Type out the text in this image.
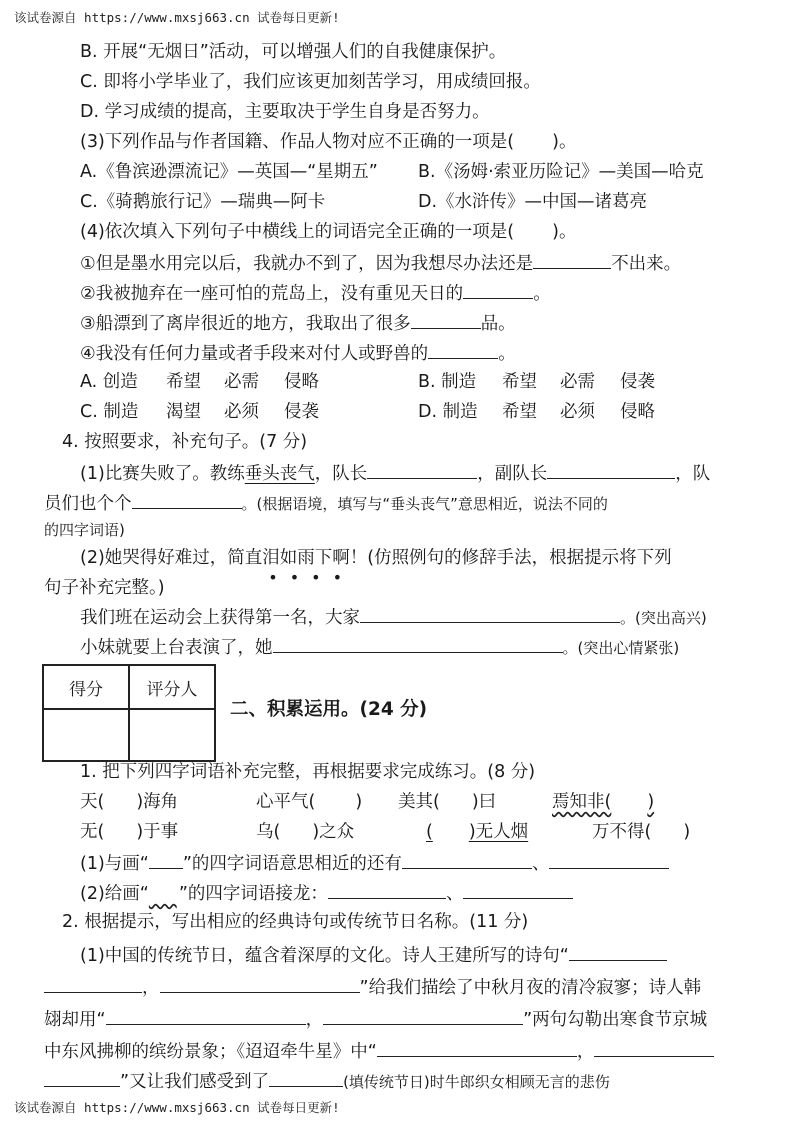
该试卷源自 https://www.mxsj663.cn 试卷每日更新!
B. 开展“无烟日”活动，可以增强人们的自我健康保护。
C. 即将小学毕业了，我们应该更加刻苦学习，用成绩回报。
D. 学习成绩的提高，主要取决于学生自身是否努力。
(3)下列作品与作者国籍、作品人物对应不正确的一项是( )。
A.《鲁滨逊漂流记》—英国—“星期五” B.《汤姆·索亚历险记》—美国—哈克
C.《骑鹅旅行记》—瑞典—阿卡	D.《水浒传》—中国—诸葛亮
(4)依次填入下列句子中横线上的词语完全正确的一项是( )。
①但是墨水用完以后，我就办不到了，因为我想尽办法还是	不出来。
②我被抛弃在一座可怕的荒岛上，没有重见天日的	。
③船漂到了离岸很近的地方，我取出了很多	品。
④我没有任何力量或者手段来对付人或野兽的	。
A. 创造 希望 必需 侵略	B. 制造 希望 必需 侵袭
C. 制造 渴望 必须 侵袭	D. 制造 希望 必须 侵略
4. 按照要求，补充句子。(7 分)
(1)比赛失败了。教练垂头丧气，队长	，副队长	，队
员们也个个	。(根据语境，填写与“垂头丧气”意思相近，说法不同的
的四字词语)
(2)她哭得好难过，简直泪如雨下
••••
啊！(仿照例句的修辞手法，根据提示将下列
句子补充完整。)
我们班在运动会上获得第一名，大家	。(突出高兴)
小妹就要上台表演了，她	。(突出心情紧张)
得分	评分人

二、积累运用。(24 分)
1. 把下列四字词语补充完整，再根据要求完成练习。(8 分)
天( )海角	心平气( ) 美其( )曰	焉知非( )
无( )于事	乌( )之众	( )无人烟	万不得( )
(1)与画“ ”的四字词语意思相近的还有	、
(2)给画“ ”的四字词语接龙：	、
2. 根据提示，写出相应的经典诗句或传统节日名称。(11 分)
(1)中国的传统节日，蕴含着深厚的文化。诗人王建所写的诗句“
，	”给我们描绘了中秋月夜的清冷寂寥；诗人韩
翃却用“	，	”两句勾勒出寒食节京城
中东风拂柳的缤纷景象；《迢迢牵牛星》中“	，
”又让我们感受到了	(填传统节日)时牛郎织女相顾无言的悲伤
该试卷源自 https://www.mxsj663.cn 试卷每日更新!
